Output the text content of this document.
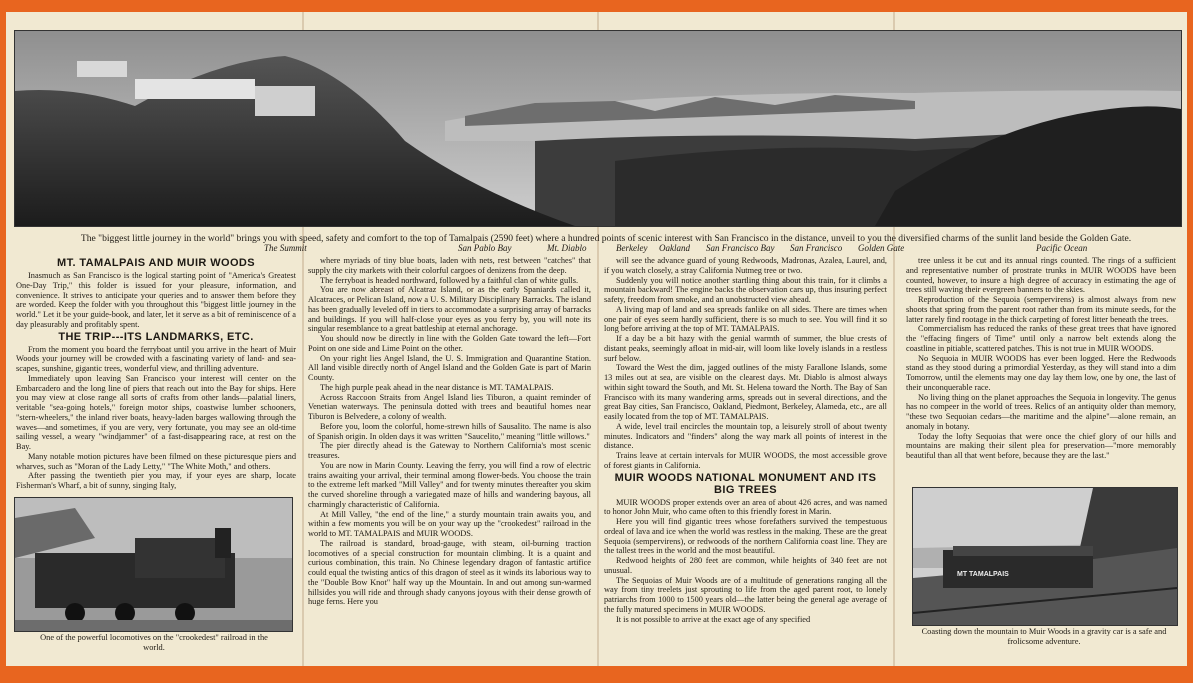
The "biggest little journey in the world" brings you with speed, safety and comfort to the top of Tamalpais (2590 feet) where a hundred points of scenic interest with San Francisco in the distance, unveil to you the diversified charms of the sunlit land beside the Golden Gate.
The Summit	San Pablo Bay	Mt. Diablo	Berkeley Oakland San Francisco Bay San Francisco Golden Gate	Pacific Ocean
MT. TAMALPAIS AND MUIR WOODS

Inasmuch as San Francisco is the logical starting point of "America's Greatest One-Day Trip," this folder is issued for your pleasure, information, and convenience. It strives to anticipate your queries and to answer them before they are worded. Keep the folder with you throughout this "biggest little journey in the world." Let it be your guide-book, and later, let it serve as a bit of reminiscence of a day pleasurably and profitably spent.

THE TRIP---ITS LANDMARKS, ETC.

From the moment you board the ferryboat until you arrive in the heart of Muir Woods your journey will be crowded with a fascinating variety of land- and sea-scapes, sunshine, gigantic trees, wonderful view, and thrilling adventure.

Immediately upon leaving San Francisco your interest will center on the Embarcadero and the long line of piers that reach out into the Bay for ships. Here you may view at close range all sorts of crafts from other lands—palatial liners, veritable "sea-going hotels," foreign motor ships, coastwise lumber schooners, "stern-wheelers," the inland river boats, heavy-laden barges wallowing through the waves—and sometimes, if you are very, very fortunate, you may see an old-time sailing vessel, a weary "windjammer" of a fast-disappearing race, at rest on the Bay.

Many notable motion pictures have been filmed on these picturesque piers and wharves, such as "Moran of the Lady Letty," "The White Moth," and others.

After passing the twentieth pier you may, if your eyes are sharp, locate Fisherman's Wharf, a bit of sunny, singing Italy,

One of the powerful locomotives on the "crookedest" railroad in the world.

where myriads of tiny blue boats, laden with nets, rest between "catches" that supply the city markets with their colorful cargoes of denizens from the deep.

The ferryboat is headed northward, followed by a faithful clan of white gulls.

You are now abreast of Alcatraz Island, or as the early Spaniards called it, Alcatraces, or Pelican Island, now a U. S. Military Disciplinary Barracks. The island has been gradually leveled off in tiers to accommodate a surprising array of barracks and buildings. If you will half-close your eyes as you ferry by, you will note its singular resemblance to a great battleship at eternal anchorage.

You should now be directly in line with the Golden Gate toward the left—Fort Point on one side and Lime Point on the other.

On your right lies Angel Island, the U. S. Immigration and Quarantine Station. All land visible directly north of Angel Island and the Golden Gate is part of Marin County.

The high purple peak ahead in the near distance is MT. TAMALPAIS.

Across Raccoon Straits from Angel Island lies Tiburon, a quaint reminder of Venetian waterways. The peninsula dotted with trees and beautiful homes near Tiburon is Belvedere, a colony of wealth.

Before you, loom the colorful, home-strewn hills of Sausalito. The name is also of Spanish origin. In olden days it was written "Saucelito," meaning "little willows."

The pier directly ahead is the Gateway to Northern California's most scenic treasures.

You are now in Marin County. Leaving the ferry, you will find a row of electric trains awaiting your arrival, their terminal among flower-beds. You choose the train to the extreme left marked "Mill Valley" and for twenty minutes thereafter you skim the curved shoreline through a variegated maze of hills and wandering bayous, all charmingly characteristic of California.

At Mill Valley, "the end of the line," a sturdy mountain train awaits you, and within a few moments you will be on your way up the "crookedest" railroad in the world to MT. TAMALPAIS and MUIR WOODS.

The railroad is standard, broad-gauge, with steam, oil-burning traction locomotives of a special construction for mountain climbing. It is a quaint and curious combination, this train. No Chinese legendary dragon of fantastic artifice could equal the twisting antics of this dragon of steel as it winds its laborious way to the "Double Bow Knot" half way up the Mountain. In and out among sun-warmed hillsides you will ride and through shady canyons joyous with their dense growth of huge ferns. Here you

will see the advance guard of young Redwoods, Madronas, Azalea, Laurel, and, if you watch closely, a stray California Nutmeg tree or two.

Suddenly you will notice another startling thing about this train, for it climbs a mountain backward! The engine backs the observation cars up, thus insuring perfect safety, freedom from smoke, and an unobstructed view ahead.

A living map of land and sea spreads fanlike on all sides. There are times when one pair of eyes seem hardly sufficient, there is so much to see. You will find it so long before arriving at the top of MT. TAMALPAIS.

If a day be a bit hazy with the genial warmth of summer, the blue crests of distant peaks, seemingly afloat in mid-air, will loom like lovely islands in a restless surf below.

Toward the West the dim, jagged outlines of the misty Farallone Islands, some 13 miles out at sea, are visible on the clearest days. Mt. Diablo is almost always within sight toward the South, and Mt. St. Helena toward the North. The Bay of San Francisco with its many wandering arms, spreads out in several directions, and the great Bay cities, San Francisco, Oakland, Piedmont, Berkeley, Alameda, etc., are all easily located from the top of MT. TAMALPAIS.

A wide, level trail encircles the mountain top, a leisurely stroll of about twenty minutes. Indicators and "finders" along the way mark all points of interest in the distance.

Trains leave at certain intervals for MUIR WOODS, the most accessible grove of forest giants in California.

MUIR WOODS NATIONAL MONUMENT AND ITS BIG TREES

MUIR WOODS proper extends over an area of about 426 acres, and was named to honor John Muir, who came often to this friendly forest in Marin.

Here you will find gigantic trees whose forefathers survived the tempestuous ordeal of lava and ice when the world was restless in the making. These are the great Sequoia (sempervirens), or redwoods of the northern California coast line. They are the tallest trees in the world and the most beautiful.

Redwood heights of 280 feet are common, while heights of 340 feet are not unusual.

The Sequoias of Muir Woods are of a multitude of generations ranging all the way from tiny treelets just sprouting to life from the aged parent root, to lonely patriarchs from 1000 to 1500 years old—the latter being the general age average of the fully matured specimens in MUIR WOODS.

It is not possible to arrive at the exact age of any specified

tree unless it be cut and its annual rings counted. The rings of a sufficient and representative number of prostrate trunks in MUIR WOODS have been counted, however, to insure a high degree of accuracy in estimating the age of trees still waving their evergreen banners to the skies.

Reproduction of the Sequoia (sempervirens) is almost always from new shoots that spring from the parent root rather than from its minute seeds, for the latter rarely find rootage in the thick carpeting of forest litter beneath the trees.

Commercialism has reduced the ranks of these great trees that have ignored the "effacing fingers of Time" until only a narrow belt extends along the coastline in pitiable, scattered patches. This is not true in MUIR WOODS.

No Sequoia in MUIR WOODS has ever been logged. Here the Redwoods stand as they stood during a primordial Yesterday, as they will stand into a dim Tomorrow, until the elements may one day lay them low, one by one, the last of their unconquerable race.

No living thing on the planet approaches the Sequoia in longevity. The genus has no compeer in the world of trees. Relics of an antiquity older than memory, "these two Sequoian cedars—the maritime and the alpine"—alone remain, an anomaly in botany.

Today the lofty Sequoias that were once the chief glory of our hills and mountains are making their silent plea for preservation—"more memorably beautiful than all that went before, because they are the last."

MT TAMALPAIS
Coasting down the mountain to Muir Woods in a gravity car is a safe and frolicsome adventure.
